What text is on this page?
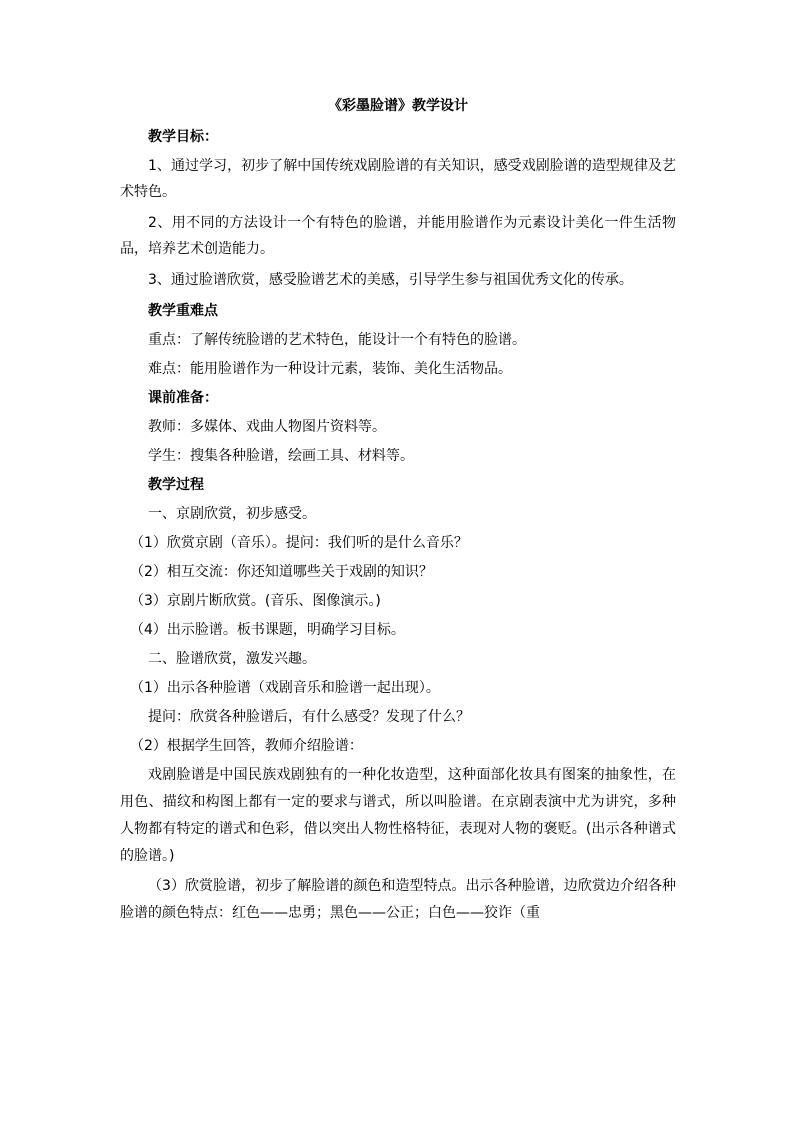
《彩墨脸谱》教学设计

教学目标：

1、通过学习，初步了解中国传统戏剧脸谱的有关知识，感受戏剧脸谱的造型规律及艺术特色。

2、用不同的方法设计一个有特色的脸谱，并能用脸谱作为元素设计美化一件生活物品，培养艺术创造能力。

3、通过脸谱欣赏，感受脸谱艺术的美感，引导学生参与祖国优秀文化的传承。

教学重难点

重点：了解传统脸谱的艺术特色，能设计一个有特色的脸谱。

难点：能用脸谱作为一种设计元素，装饰、美化生活物品。

课前准备：

教师：多媒体、戏曲人物图片资料等。

学生：搜集各种脸谱，绘画工具、材料等。

教学过程

一、京剧欣赏，初步感受。

（1）欣赏京剧（音乐）。提问：我们听的是什么音乐？

（2）相互交流：你还知道哪些关于戏剧的知识？

（3）京剧片断欣赏。(音乐、图像演示。)

（4）出示脸谱。板书课题，明确学习目标。

二、脸谱欣赏，激发兴趣。

（1）出示各种脸谱（戏剧音乐和脸谱一起出现）。

提问：欣赏各种脸谱后，有什么感受？发现了什么？

（2）根据学生回答，教师介绍脸谱：

戏剧脸谱是中国民族戏剧独有的一种化妆造型，这种面部化妆具有图案的抽象性，在用色、描纹和构图上都有一定的要求与谱式，所以叫脸谱。在京剧表演中尤为讲究，多种人物都有特定的谱式和色彩，借以突出人物性格特征，表现对人物的褒贬。(出示各种谱式的脸谱。)

（3）欣赏脸谱，初步了解脸谱的颜色和造型特点。出示各种脸谱，边欣赏边介绍各种脸谱的颜色特点：红色——忠勇；黑色——公正；白色——狡诈（重
